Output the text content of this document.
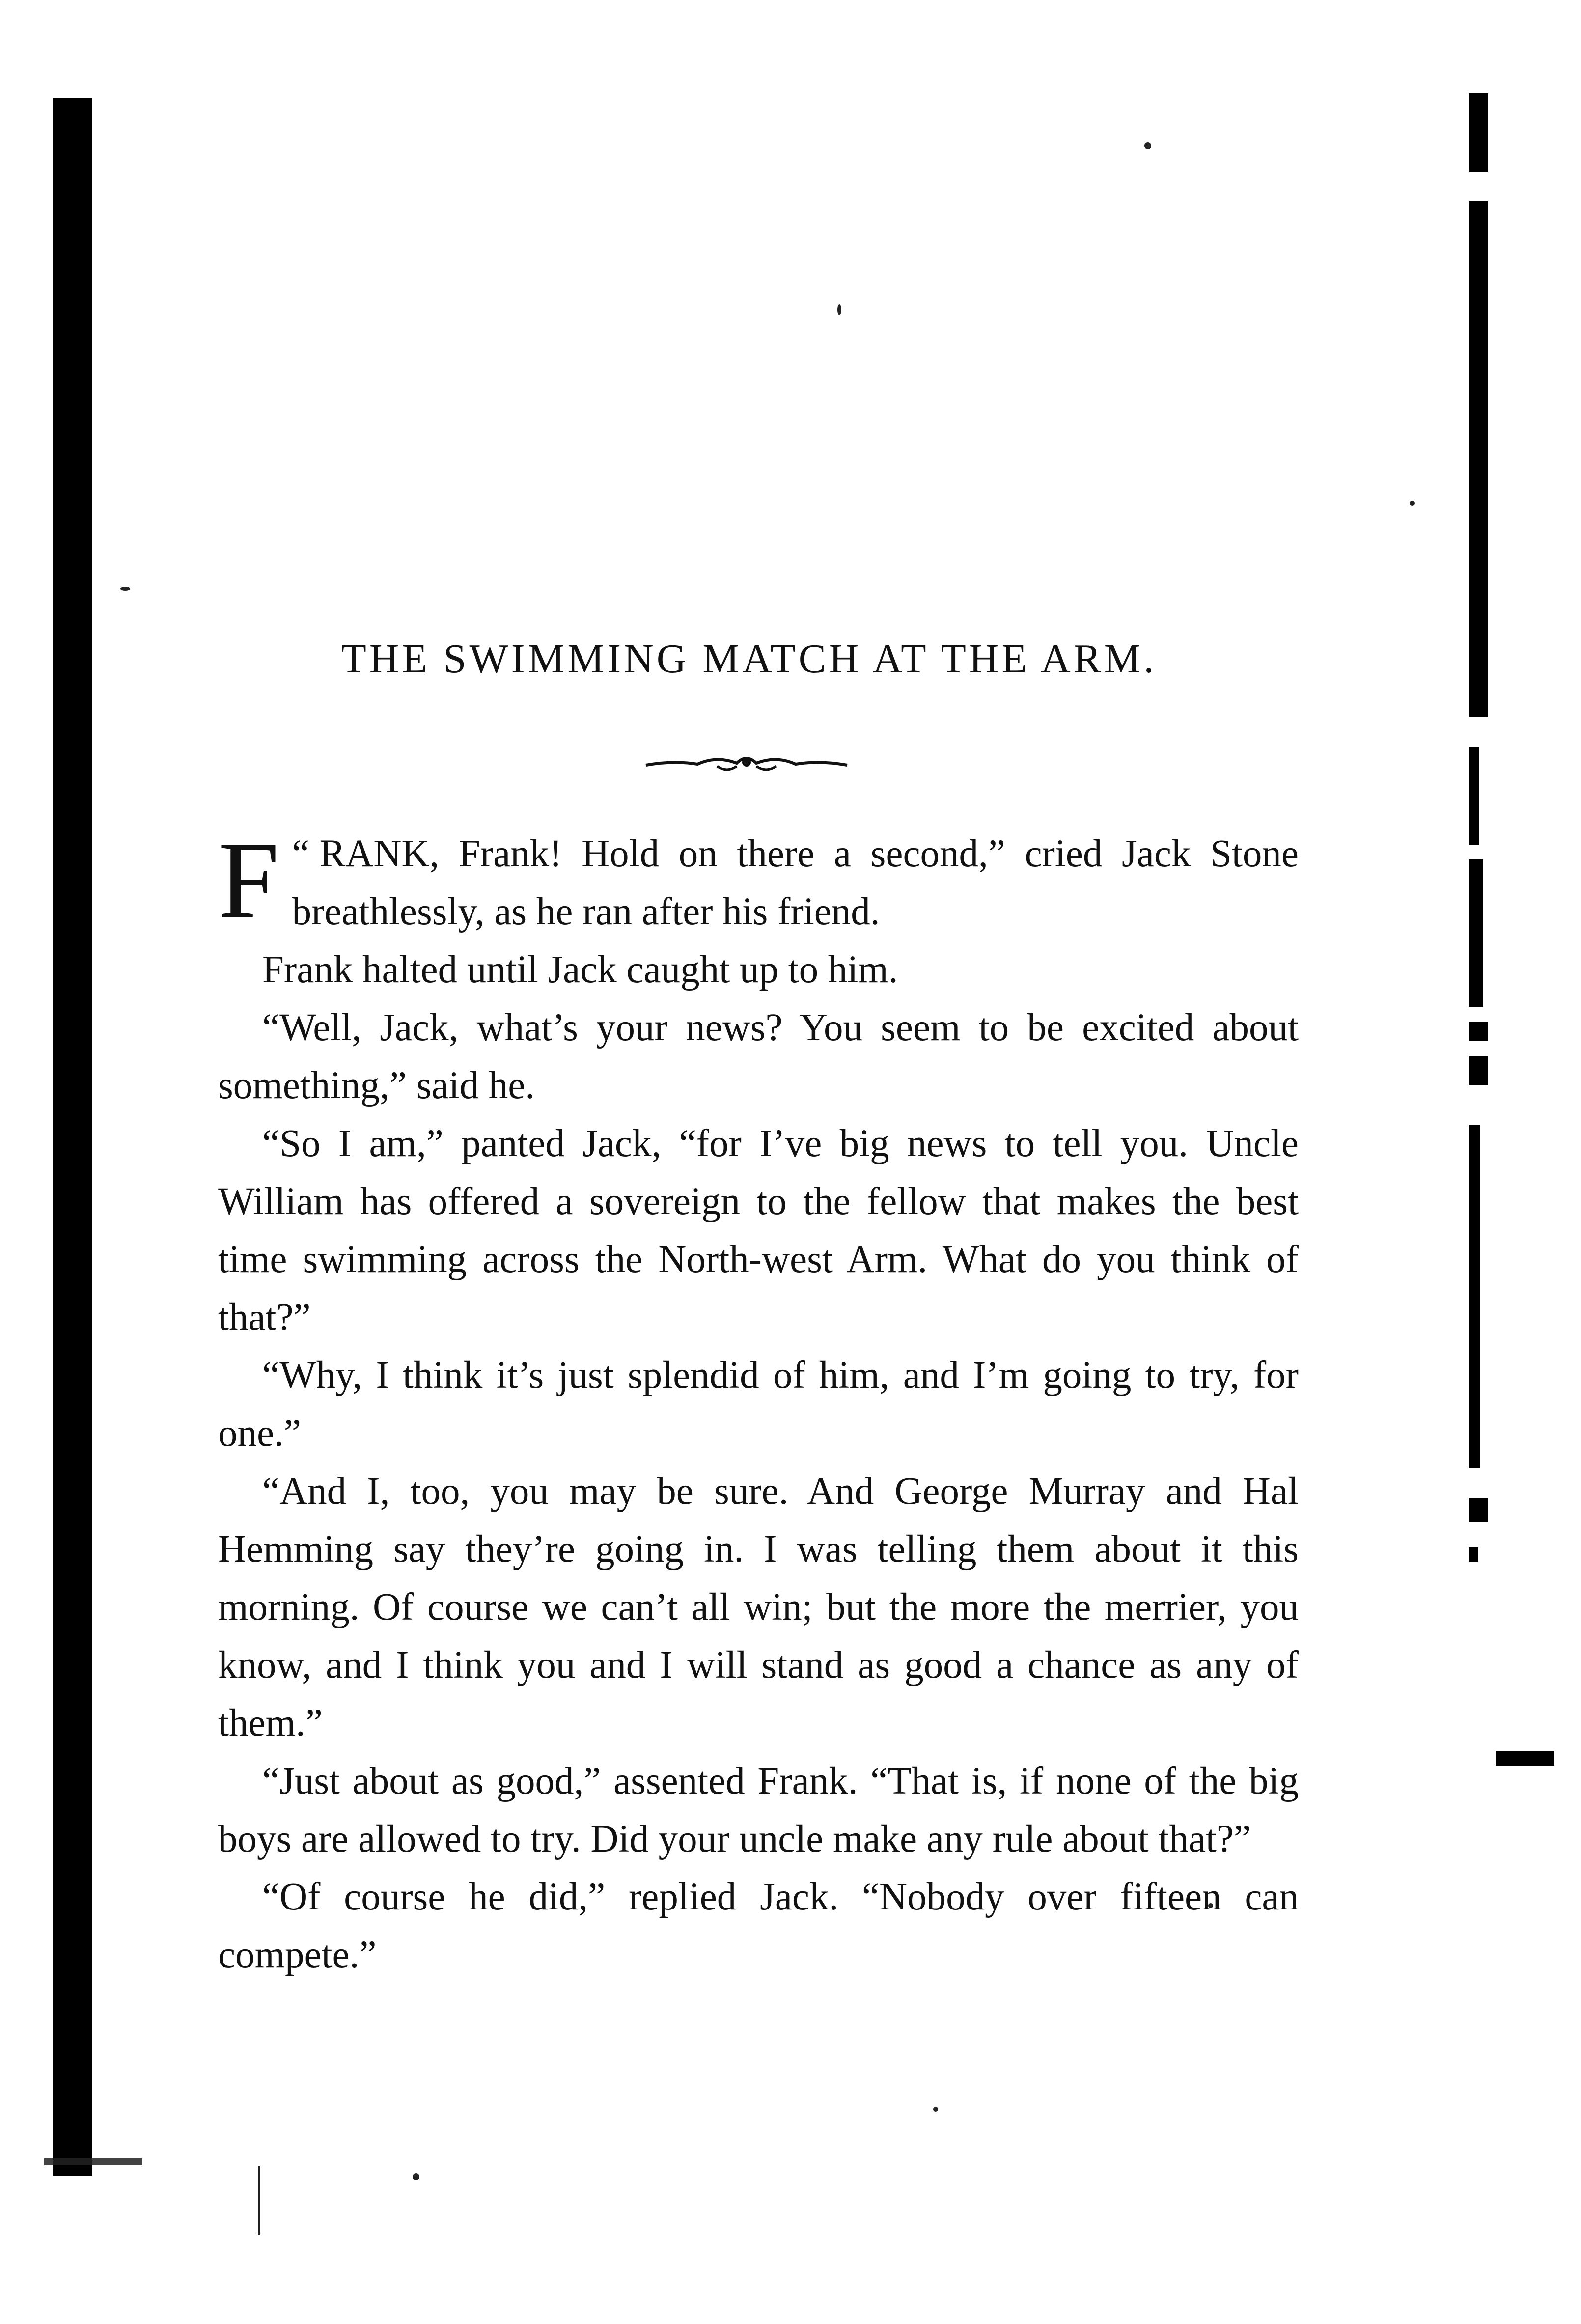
THE SWIMMING MATCH AT THE ARM.

“
F RANK, Frank! Hold on there a second,” cried Jack Stone breathlessly, as he ran after his friend.

Frank halted until Jack caught up to him.

“Well, Jack, what’s your news? You seem to be excited about something,” said he.

“So I am,” panted Jack, “for I’ve big news to tell you. Uncle William has offered a sovereign to the fellow that makes the best time swimming across the North-west Arm. What do you think of that?”

“Why, I think it’s just splendid of him, and I’m going to try, for one.”

“And I, too, you may be sure. And George Murray and Hal Hemming say they’re going in. I was telling them about it this morning. Of course we can’t all win; but the more the merrier, you know, and I think you and I will stand as good a chance as any of them.”

“Just about as good,” assented Frank. “That is, if none of the big boys are allowed to try. Did your uncle make any rule about that?”

“Of course he did,” replied Jack. “Nobody over fifteen can compete.”
